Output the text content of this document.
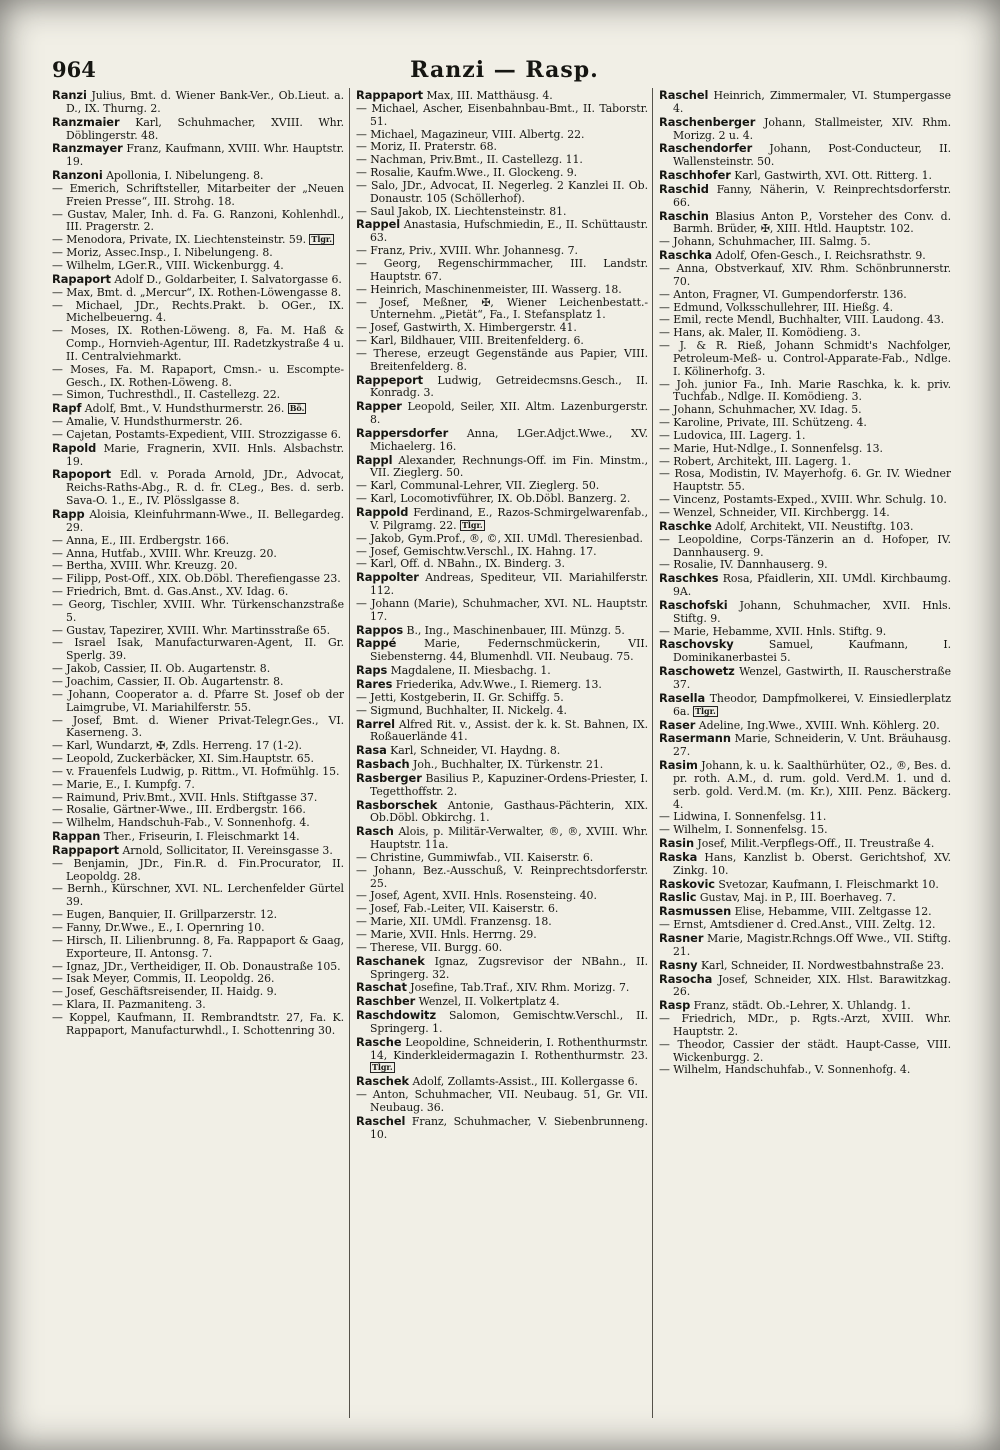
964	Ranzi — Rasp.

Ranzi Julius, Bmt. d. Wiener Bank-Ver., Ob.Lieut. a. D., IX. Thurng. 2.

Ranzmaier Karl, Schuhmacher, XVIII. Whr. Döblingerstr. 48.

Ranzmayer Franz, Kaufmann, XVIII. Whr. Hauptstr. 19.

Ranzoni Apollonia, I. Nibelungeng. 8.

— Emerich, Schriftsteller, Mitarbeiter der „Neuen Freien Presse“, III. Strohg. 18.

— Gustav, Maler, Inh. d. Fa. G. Ranzoni, Kohlenhdl., III. Pragerstr. 2.

— Menodora, Private, IX. Liechtensteinstr. 59. Tlgr.

— Moriz, Assec.Insp., I. Nibelungeng. 8.

— Wilhelm, LGer.R., VIII. Wickenburgg. 4.

Rapaport Adolf D., Goldarbeiter, I. Salvatorgasse 6.

— Max, Bmt. d. „Mercur“, IX. Rothen-Löwengasse 8.

— Michael, JDr., Rechts.Prakt. b. OGer., IX. Michelbeuerng. 4.

— Moses, IX. Rothen-Löweng. 8, Fa. M. Haß & Comp., Hornvieh-Agentur, III. Radetzkystraße 4 u. II. Centralviehmarkt.

— Moses, Fa. M. Rapaport, Cmsn.- u. Escompte-Gesch., IX. Rothen-Löweng. 8.

— Simon, Tuchresthdl., II. Castellezg. 22.

Rapf Adolf, Bmt., V. Hundsthurmerstr. 26. Bö.

— Amalie, V. Hundsthurmerstr. 26.

— Cajetan, Postamts-Expedient, VIII. Strozzigasse 6.

Rapold Marie, Fragnerin, XVII. Hnls. Alsbachstr. 19.

Rapoport Edl. v. Porada Arnold, JDr., Advocat, Reichs-Raths-Abg., R. d. fr. CLeg., Bes. d. serb. Sava-O. 1., E., IV. Plösslgasse 8.

Rapp Aloisia, Kleinfuhrmann-Wwe., II. Bellegardeg. 29.

— Anna, E., III. Erdbergstr. 166.

— Anna, Hutfab., XVIII. Whr. Kreuzg. 20.

— Bertha, XVIII. Whr. Kreuzg. 20.

— Filipp, Post-Off., XIX. Ob.Döbl. Therefiengasse 23.

— Friedrich, Bmt. d. Gas.Anst., XV. Idag. 6.

— Georg, Tischler, XVIII. Whr. Türkenschanzstraße 5.

— Gustav, Tapezirer, XVIII. Whr. Martinsstraße 65.

— Israel Isak, Manufacturwaren-Agent, II. Gr. Sperlg. 39.

— Jakob, Cassier, II. Ob. Augartenstr. 8.

— Joachim, Cassier, II. Ob. Augartenstr. 8.

— Johann, Cooperator a. d. Pfarre St. Josef ob der Laimgrube, VI. Mariahilferstr. 55.

— Josef, Bmt. d. Wiener Privat-Telegr.Ges., VI. Kaserneng. 3.

— Karl, Wundarzt, ✠, Zdls. Herreng. 17 (1-2).

— Leopold, Zuckerbäcker, XI. Sim.Hauptstr. 65.

— v. Frauenfels Ludwig, p. Rittm., VI. Hofmühlg. 15.

— Marie, E., I. Kumpfg. 7.

— Raimund, Priv.Bmt., XVII. Hnls. Stiftgasse 37.

— Rosalie, Gärtner-Wwe., III. Erdbergstr. 166.

— Wilhelm, Handschuh-Fab., V. Sonnenhofg. 4.

Rappan Ther., Friseurin, I. Fleischmarkt 14.

Rappaport Arnold, Sollicitator, II. Vereinsgasse 3.

— Benjamin, JDr., Fin.R. d. Fin.Procurator, II. Leopoldg. 28.

— Bernh., Kürschner, XVI. NL. Lerchenfelder Gürtel 39.

— Eugen, Banquier, II. Grillparzerstr. 12.

— Fanny, Dr.Wwe., E., I. Opernring 10.

— Hirsch, II. Lilienbrunng. 8, Fa. Rappaport & Gaag, Exporteure, II. Antonsg. 7.

— Ignaz, JDr., Vertheidiger, II. Ob. Donaustraße 105.

— Isak Meyer, Commis, II. Leopoldg. 26.

— Josef, Geschäftsreisender, II. Haidg. 9.

— Klara, II. Pazmaniteng. 3.

— Koppel, Kaufmann, II. Rembrandtstr. 27, Fa. K. Rappaport, Manufacturwhdl., I. Schottenring 30.

Rappaport Max, III. Matthäusg. 4.

— Michael, Ascher, Eisenbahnbau-Bmt., II. Taborstr. 51.

— Michael, Magazineur, VIII. Albertg. 22.

— Moriz, II. Praterstr. 68.

— Nachman, Priv.Bmt., II. Castellezg. 11.

— Rosalie, Kaufm.Wwe., II. Glockeng. 9.

— Salo, JDr., Advocat, II. Negerleg. 2 Kanzlei II. Ob. Donaustr. 105 (Schöllerhof).

— Saul Jakob, IX. Liechtensteinstr. 81.

Rappel Anastasia, Hufschmiedin, E., II. Schüttaustr. 63.

— Franz, Priv., XVIII. Whr. Johannesg. 7.

— Georg, Regenschirmmacher, III. Landstr. Hauptstr. 67.

— Heinrich, Maschinenmeister, III. Wasserg. 18.

— Josef, Meßner, ✠, Wiener Leichenbestatt.-Unternehm. „Pietät“, Fa., I. Stefansplatz 1.

— Josef, Gastwirth, X. Himbergerstr. 41.

— Karl, Bildhauer, VIII. Breitenfelderg. 6.

— Therese, erzeugt Gegenstände aus Papier, VIII. Breitenfelderg. 8.

Rappeport Ludwig, Getreidecmsns.Gesch., II. Konradg. 3.

Rapper Leopold, Seiler, XII. Altm. Lazenburgerstr. 8.

Rappersdorfer Anna, LGer.Adjct.Wwe., XV. Michaelerg. 16.

Rappl Alexander, Rechnungs-Off. im Fin. Minstm., VII. Zieglerg. 50.

— Karl, Communal-Lehrer, VII. Zieglerg. 50.

— Karl, Locomotivführer, IX. Ob.Döbl. Banzerg. 2.

Rappold Ferdinand, E., Razos-Schmirgelwarenfab., V. Pilgramg. 22. Tlgr.

— Jakob, Gym.Prof., ®, ©, XII. UMdl. Theresienbad.

— Josef, Gemischtw.Verschl., IX. Hahng. 17.

— Karl, Off. d. NBahn., IX. Binderg. 3.

Rappolter Andreas, Spediteur, VII. Mariahilferstr. 112.

— Johann (Marie), Schuhmacher, XVI. NL. Hauptstr. 17.

Rappos B., Ing., Maschinenbauer, III. Münzg. 5.

Rappé Marie, Federnschmückerin, VII. Siebensterng. 44, Blumenhdl. VII. Neubaug. 75.

Raps Magdalene, II. Miesbachg. 1.

Rares Friederika, Adv.Wwe., I. Riemerg. 13.

— Jetti, Kostgeberin, II. Gr. Schiffg. 5.

— Sigmund, Buchhalter, II. Nickelg. 4.

Rarrel Alfred Rit. v., Assist. der k. k. St. Bahnen, IX. Roßauerlände 41.

Rasa Karl, Schneider, VI. Haydng. 8.

Rasbach Joh., Buchhalter, IX. Türkenstr. 21.

Rasberger Basilius P., Kapuziner-Ordens-Priester, I. Tegetthoffstr. 2.

Rasborschek Antonie, Gasthaus-Pächterin, XIX. Ob.Döbl. Obkirchg. 1.

Rasch Alois, p. Militär-Verwalter, ®, ®, XVIII. Whr. Hauptstr. 11a.

— Christine, Gummiwfab., VII. Kaiserstr. 6.

— Johann, Bez.-Ausschuß, V. Reinprechtsdorferstr. 25.

— Josef, Agent, XVII. Hnls. Rosensteing. 40.

— Josef, Fab.-Leiter, VII. Kaiserstr. 6.

— Marie, XII. UMdl. Franzensg. 18.

— Marie, XVII. Hnls. Herrng. 29.

— Therese, VII. Burgg. 60.

Raschanek Ignaz, Zugsrevisor der NBahn., II. Springerg. 32.

Raschat Josefine, Tab.Traf., XIV. Rhm. Morizg. 7.

Raschber Wenzel, II. Volkertplatz 4.

Raschdowitz Salomon, Gemischtw.Verschl., II. Springerg. 1.

Rasche Leopoldine, Schneiderin, I. Rothenthurmstr. 14, Kinderkleidermagazin I. Rothenthurmstr. 23. Tlgr.

Raschek Adolf, Zollamts-Assist., III. Kollergasse 6.

— Anton, Schuhmacher, VII. Neubaug. 51, Gr. VII. Neubaug. 36.

Raschel Franz, Schuhmacher, V. Siebenbrunneng. 10.

Raschel Heinrich, Zimmermaler, VI. Stumpergasse 4.

Raschenberger Johann, Stallmeister, XIV. Rhm. Morizg. 2 u. 4.

Raschendorfer Johann, Post-Conducteur, II. Wallensteinstr. 50.

Raschhofer Karl, Gastwirth, XVI. Ott. Ritterg. 1.

Raschid Fanny, Näherin, V. Reinprechtsdorferstr. 66.

Raschin Blasius Anton P., Vorsteher des Conv. d. Barmh. Brüder, ✠, XIII. Htld. Hauptstr. 102.

— Johann, Schuhmacher, III. Salmg. 5.

Raschka Adolf, Ofen-Gesch., I. Reichsrathstr. 9.

— Anna, Obstverkauf, XIV. Rhm. Schönbrunnerstr. 70.

— Anton, Fragner, VI. Gumpendorferstr. 136.

— Edmund, Volksschullehrer, III. Hießg. 4.

— Emil, recte Mendl, Buchhalter, VIII. Laudong. 43.

— Hans, ak. Maler, II. Komödieng. 3.

— J. & R. Rieß, Johann Schmidt's Nachfolger, Petroleum-Meß- u. Control-Apparate-Fab., Ndlge. I. Kölinerhofg. 3.

— Joh. junior Fa., Inh. Marie Raschka, k. k. priv. Tuchfab., Ndlge. II. Komödieng. 3.

— Johann, Schuhmacher, XV. Idag. 5.

— Karoline, Private, III. Schützeng. 4.

— Ludovica, III. Lagerg. 1.

— Marie, Hut-Ndlge., I. Sonnenfelsg. 13.

— Robert, Architekt, III. Lagerg. 1.

— Rosa, Modistin, IV. Mayerhofg. 6. Gr. IV. Wiedner Hauptstr. 55.

— Vincenz, Postamts-Exped., XVIII. Whr. Schulg. 10.

— Wenzel, Schneider, VII. Kirchbergg. 14.

Raschke Adolf, Architekt, VII. Neustiftg. 103.

— Leopoldine, Corps-Tänzerin an d. Hofoper, IV. Dannhauserg. 9.

— Rosalie, IV. Dannhauserg. 9.

Raschkes Rosa, Pfaidlerin, XII. UMdl. Kirchbaumg. 9A.

Raschofski Johann, Schuhmacher, XVII. Hnls. Stiftg. 9.

— Marie, Hebamme, XVII. Hnls. Stiftg. 9.

Raschovsky Samuel, Kaufmann, I. Dominikanerbastei 5.

Raschowetz Wenzel, Gastwirth, II. Rauscherstraße 37.

Rasella Theodor, Dampfmolkerei, V. Einsiedlerplatz 6a. Tlgr.

Raser Adeline, Ing.Wwe., XVIII. Wnh. Köhlerg. 20.

Rasermann Marie, Schneiderin, V. Unt. Bräuhausg. 27.

Rasim Johann, k. u. k. Saalthürhüter, O2., ®, Bes. d. pr. roth. A.M., d. rum. gold. Verd.M. 1. und d. serb. gold. Verd.M. (m. Kr.), XIII. Penz. Bäckerg. 4.

— Lidwina, I. Sonnenfelsg. 11.

— Wilhelm, I. Sonnenfelsg. 15.

Rasin Josef, Milit.-Verpflegs-Off., II. Treustraße 4.

Raska Hans, Kanzlist b. Oberst. Gerichtshof, XV. Zinkg. 10.

Raskovic Svetozar, Kaufmann, I. Fleischmarkt 10.

Raslic Gustav, Maj. in P., III. Boerhaveg. 7.

Rasmussen Elise, Hebamme, VIII. Zeltgasse 12.

— Ernst, Amtsdiener d. Cred.Anst., VIII. Zeltg. 12.

Rasner Marie, Magistr.Rchngs.Off Wwe., VII. Stiftg. 21.

Rasny Karl, Schneider, II. Nordwestbahnstraße 23.

Rasocha Josef, Schneider, XIX. Hlst. Barawitzkag. 26.

Rasp Franz, städt. Ob.-Lehrer, X. Uhlandg. 1.

— Friedrich, MDr., p. Rgts.-Arzt, XVIII. Whr. Hauptstr. 2.

— Theodor, Cassier der städt. Haupt-Casse, VIII. Wickenburgg. 2.

— Wilhelm, Handschuhfab., V. Sonnenhofg. 4.
